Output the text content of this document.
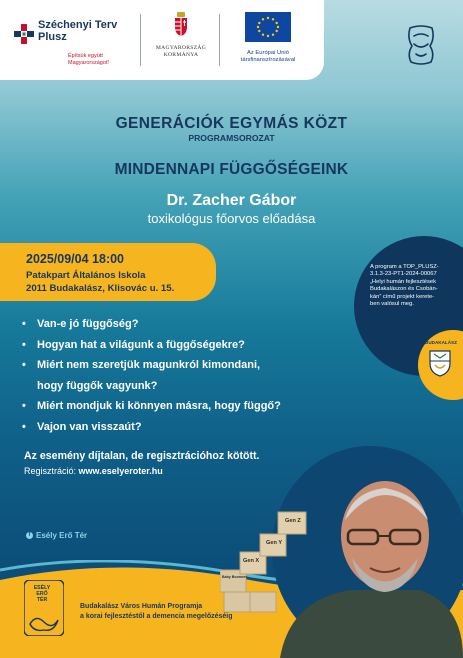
Széchenyi Terv
Plusz
Építsük együtt
Magyarországot!
MAGYARORSZÁG
KORMÁNYA	Az Európai Unió
társfinanszírozásával
GENERÁCIÓK EGYMÁS KÖZT
PROGRAMSOROZAT
MINDENNAPI FÜGGŐSÉGEINK
Dr. Zacher Gábor
toxikológus főorvos előadása
2025/09/04 18:00
Patakpart Általános Iskola
2011 Budakalász, Klisovác u. 15.
A program a TOP_PLUSZ-
3.1.3-23-PT1-2024-00067
„Helyi humán fejlesztések
Budakalászon és Csobán-
kán” című projekt kerete-
ben valósul meg.
BUDAKALÁSZ
• Van-e jó függőség?
• Hogyan hat a világunk a függőségekre?
• Miért nem szeretjük magunkról kimondani,
hogy függők vagyunk?
• Miért mondjuk ki könnyen másra, hogy függő?
• Vajon van visszaút?
Az esemény díjtalan, de regisztrációhoz kötött.
Regisztráció: www.eselyeroter.hu
f Esély Erő Tér
Gen Z
Gen Y
Gen X
Baby Boomers
ESÉLY
ERŐ
TÉR
Budakalász Város Humán Programja
a korai fejlesztéstől a demencia megelőzéséig
